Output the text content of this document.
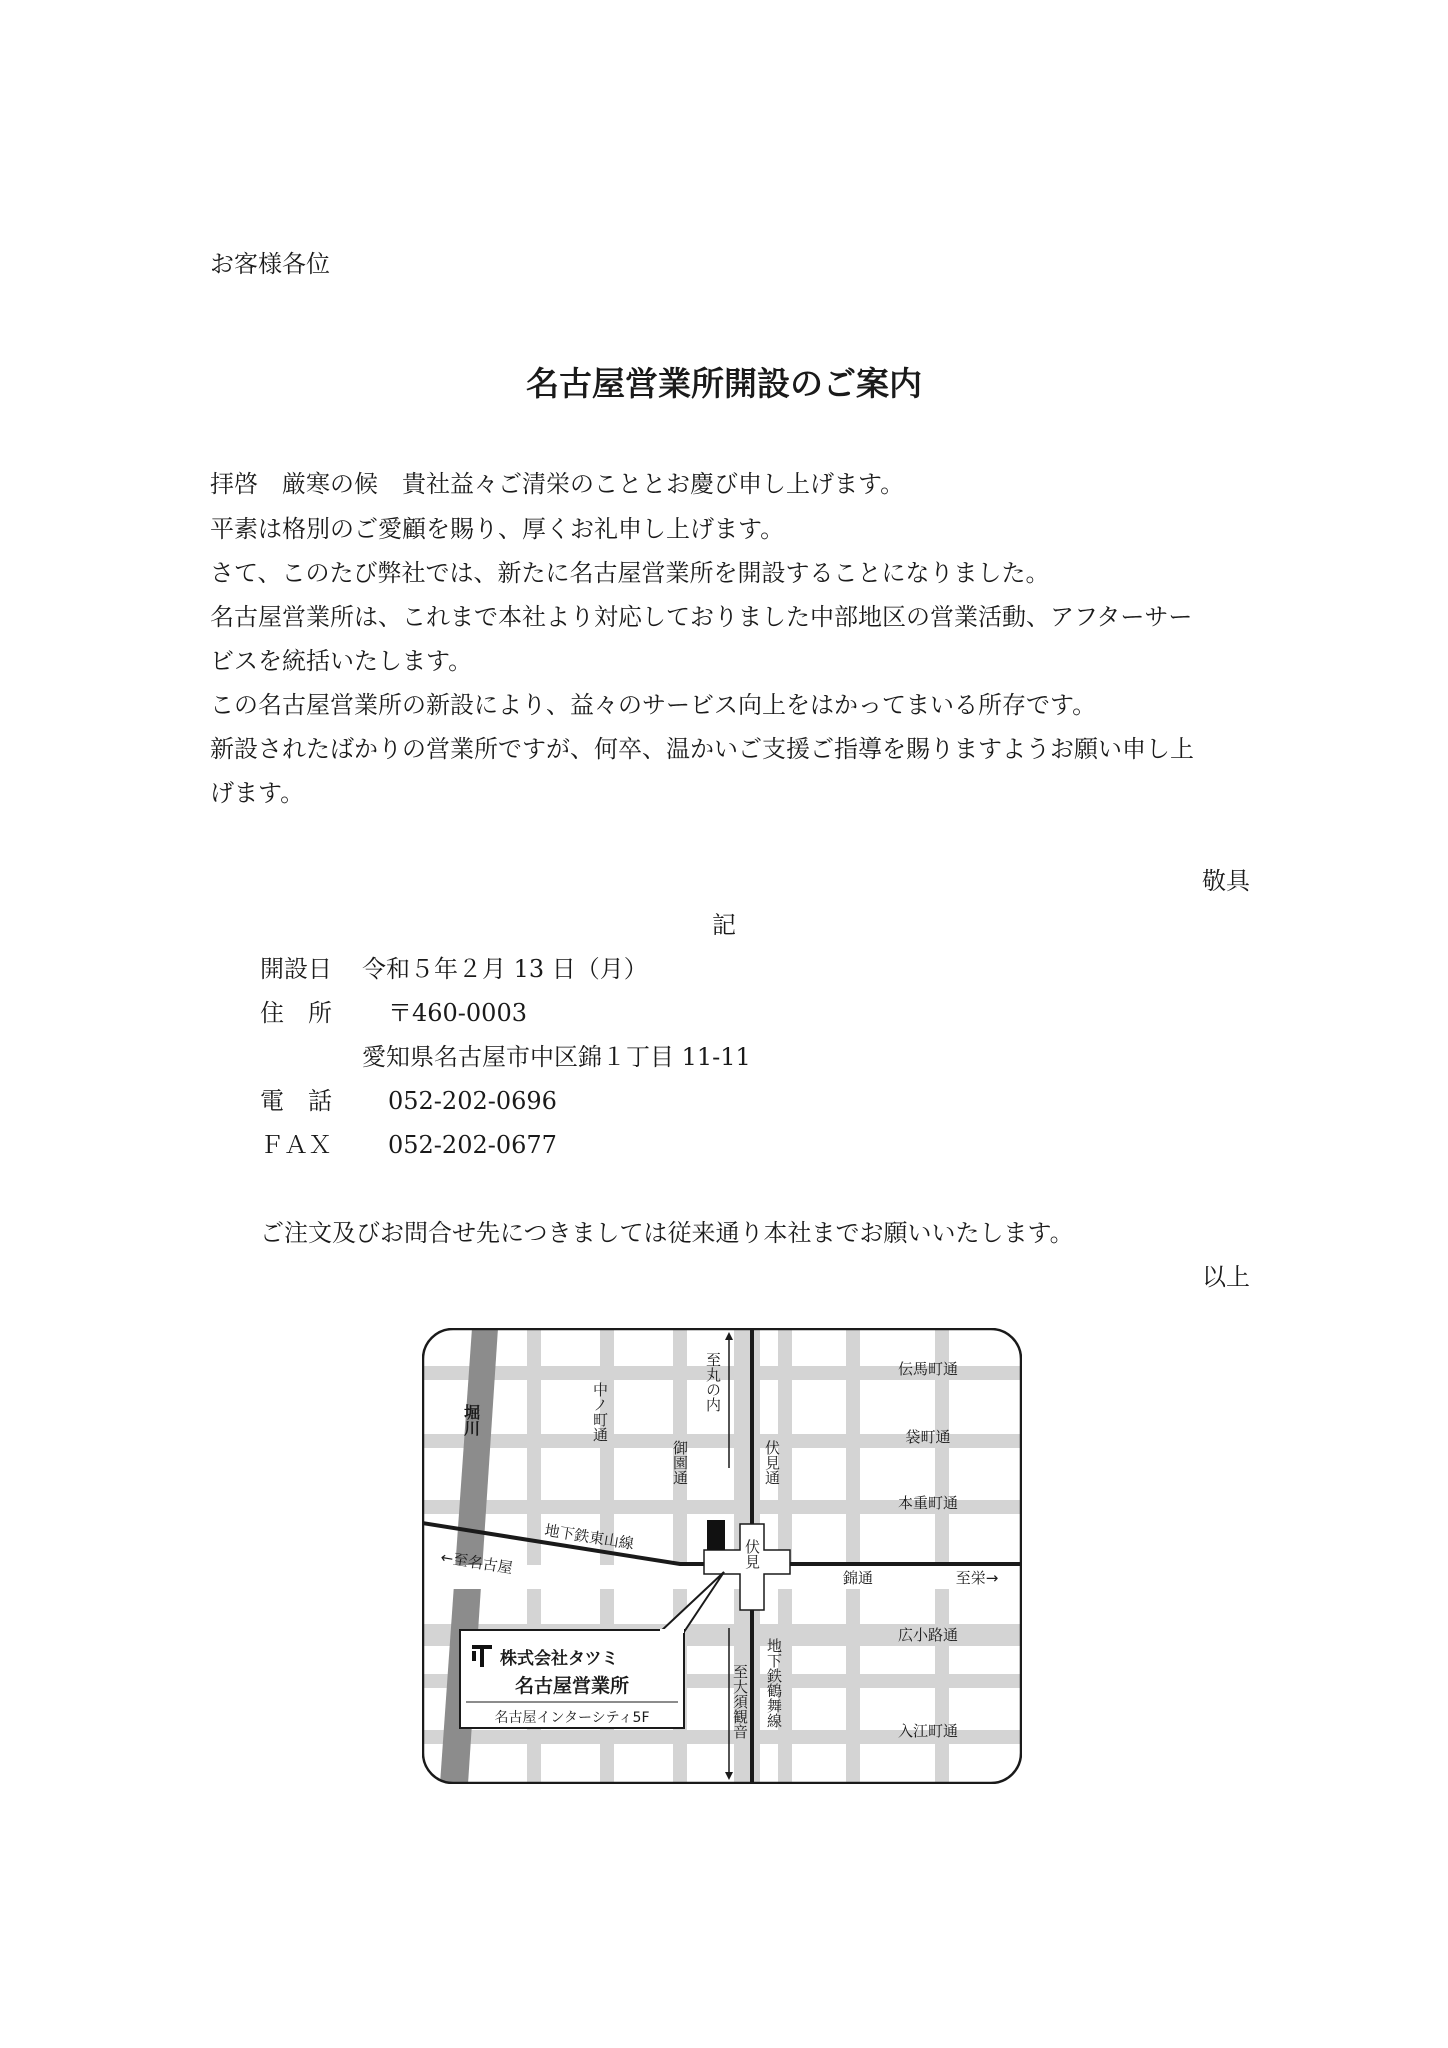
お客様各位
名古屋営業所開設のご案内
拝啓　厳寒の候　貴社益々ご清栄のこととお慶び申し上げます。
平素は格別のご愛顧を賜り、厚くお礼申し上げます。
さて、このたび弊社では、新たに名古屋営業所を開設することになりました。
名古屋営業所は、これまで本社より対応しておりました中部地区の営業活動、アフターサー
ビスを統括いたします。
この名古屋営業所の新設により、益々のサービス向上をはかってまいる所存です。
新設されたばかりの営業所ですが、何卒、温かいご支援ご指導を賜りますようお願い申し上
げます。
敬具
記
開設日 令和５年２月 13 日（月）
住　所 〒460-0003
愛知県名古屋市中区錦１丁目 11-11
電　話 052-202-0696
ＦＡＸ 052-202-0677
ご注文及びお問合せ先につきましては従来通り本社までお願いいたします。
以上
堀川	中ノ町通
御園通	伏見通
至丸の内	伝馬町通
袋町通
本重町通
地下鉄東山線
←至名古屋	伏見
錦通	至栄→
地下鉄鶴舞線
至大須観音
広小路通
入江町通
株式会社タツミ
名古屋営業所
名古屋インターシティ5F
